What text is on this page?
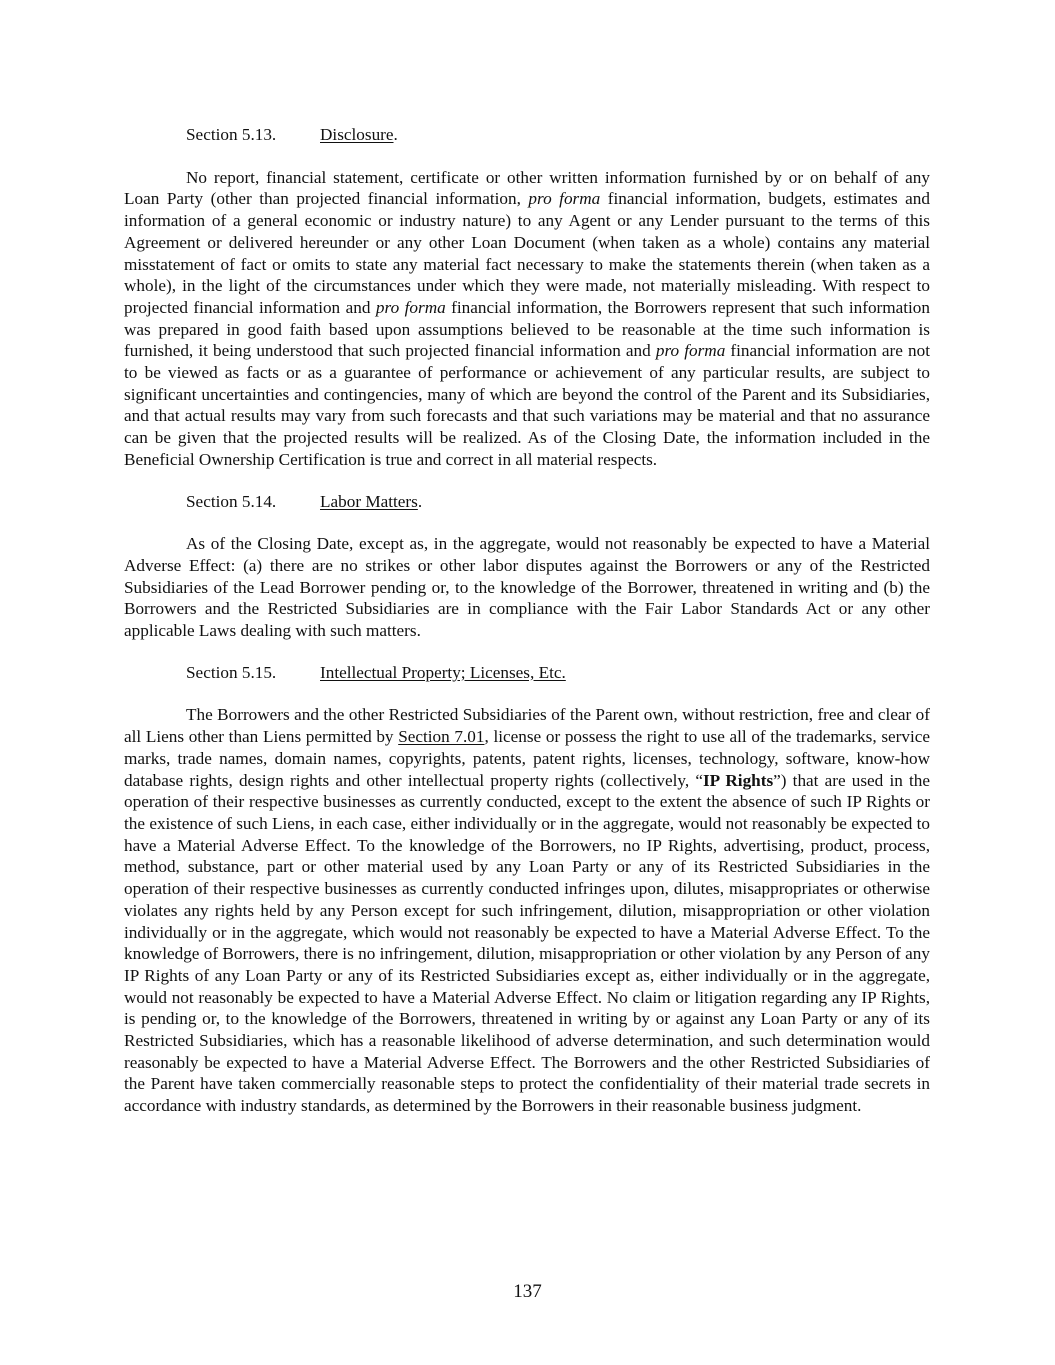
Section 5.13.	Disclosure.

No report, financial statement, certificate or other written information furnished by or on behalf of any Loan Party (other than projected financial information, pro forma financial information, budgets, estimates and information of a general economic or industry nature) to any Agent or any Lender pursuant to the terms of this Agreement or delivered hereunder or any other Loan Document (when taken as a whole) contains any material misstatement of fact or omits to state any material fact necessary to make the statements therein (when taken as a whole), in the light of the circumstances under which they were made, not materially misleading. With respect to projected financial information and pro forma financial information, the Borrowers represent that such information was prepared in good faith based upon assumptions believed to be reasonable at the time such information is furnished, it being understood that such projected financial information and pro forma financial information are not to be viewed as facts or as a guarantee of performance or achievement of any particular results, are subject to significant uncertainties and contingencies, many of which are beyond the control of the Parent and its Subsidiaries, and that actual results may vary from such forecasts and that such variations may be material and that no assurance can be given that the projected results will be realized. As of the Closing Date, the information included in the Beneficial Ownership Certification is true and correct in all material respects.

Section 5.14.	Labor Matters.

As of the Closing Date, except as, in the aggregate, would not reasonably be expected to have a Material Adverse Effect: (a) there are no strikes or other labor disputes against the Borrowers or any of the Restricted Subsidiaries of the Lead Borrower pending or, to the knowledge of the Borrower, threatened in writing and (b) the Borrowers and the Restricted Subsidiaries are in compliance with the Fair Labor Standards Act or any other applicable Laws dealing with such matters.

Section 5.15.	Intellectual Property; Licenses, Etc.

The Borrowers and the other Restricted Subsidiaries of the Parent own, without restriction, free and clear of all Liens other than Liens permitted by Section 7.01, license or possess the right to use all of the trademarks, service marks, trade names, domain names, copyrights, patents, patent rights, licenses, technology, software, know-how database rights, design rights and other intellectual property rights (collectively, “IP Rights”) that are used in the operation of their respective businesses as currently conducted, except to the extent the absence of such IP Rights or the existence of such Liens, in each case, either individually or in the aggregate, would not reasonably be expected to have a Material Adverse Effect. To the knowledge of the Borrowers, no IP Rights, advertising, product, process, method, substance, part or other material used by any Loan Party or any of its Restricted Subsidiaries in the operation of their respective businesses as currently conducted infringes upon, dilutes, misappropriates or otherwise violates any rights held by any Person except for such infringement, dilution, misappropriation or other violation individually or in the aggregate, which would not reasonably be expected to have a Material Adverse Effect. To the knowledge of Borrowers, there is no infringement, dilution, misappropriation or other violation by any Person of any IP Rights of any Loan Party or any of its Restricted Subsidiaries except as, either individually or in the aggregate, would not reasonably be expected to have a Material Adverse Effect. No claim or litigation regarding any IP Rights, is pending or, to the knowledge of the Borrowers, threatened in writing by or against any Loan Party or any of its Restricted Subsidiaries, which has a reasonable likelihood of adverse determination, and such determination would reasonably be expected to have a Material Adverse Effect. The Borrowers and the other Restricted Subsidiaries of the Parent have taken commercially reasonable steps to protect the confidentiality of their material trade secrets in accordance with industry standards, as determined by the Borrowers in their reasonable business judgment.

137
